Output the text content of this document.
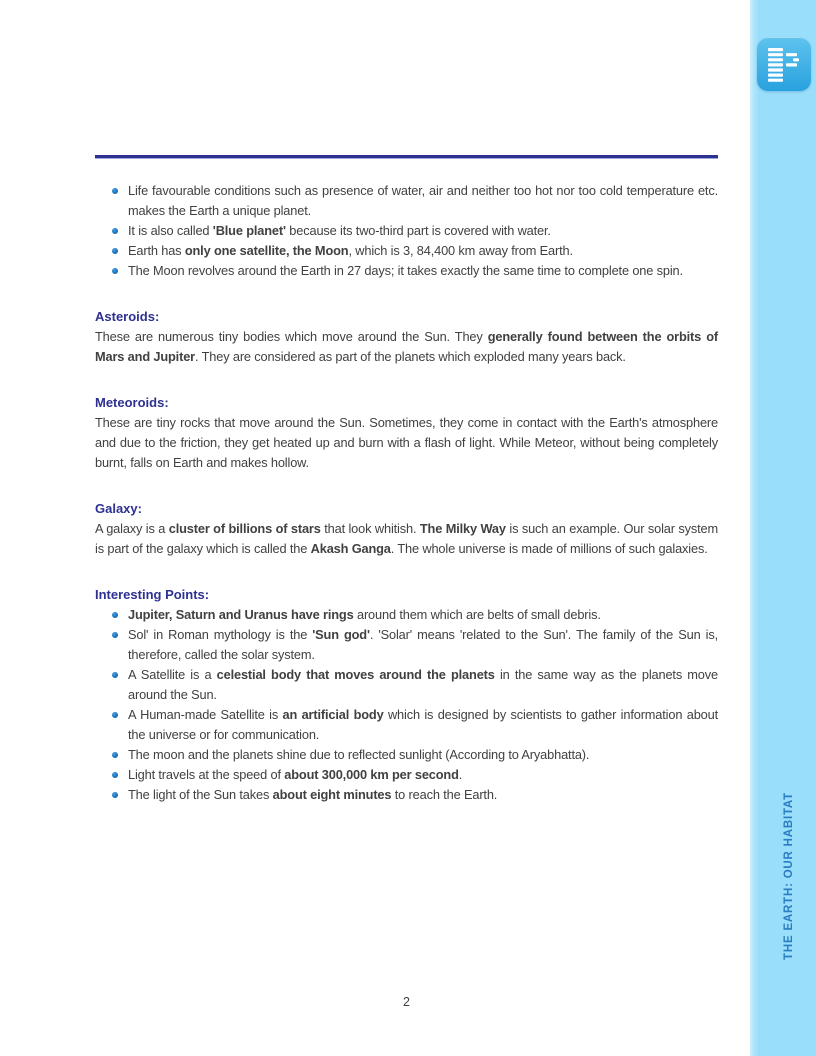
Life favourable conditions such as presence of water, air and neither too hot nor too cold temperature etc. makes the Earth a unique planet.
It is also called 'Blue planet' because its two-third part is covered with water.
Earth has only one satellite, the Moon, which is 3, 84,400 km away from Earth.
The Moon revolves around the Earth in 27 days; it takes exactly the same time to complete one spin.
Asteroids:

These are numerous tiny bodies which move around the Sun. They generally found between the orbits of Mars and Jupiter. They are considered as part of the planets which exploded many years back.

Meteoroids:

These are tiny rocks that move around the Sun. Sometimes, they come in contact with the Earth's atmosphere and due to the friction, they get heated up and burn with a flash of light. While Meteor, without being completely burnt, falls on Earth and makes hollow.

Galaxy:

A galaxy is a cluster of billions of stars that look whitish. The Milky Way is such an example. Our solar system is part of the galaxy which is called the Akash Ganga. The whole universe is made of millions of such galaxies.

Interesting Points:
Jupiter, Saturn and Uranus have rings around them which are belts of small debris.
Sol' in Roman mythology is the 'Sun god'. 'Solar' means 'related to the Sun'. The family of the Sun is, therefore, called the solar system.
A Satellite is a celestial body that moves around the planets in the same way as the planets move around the Sun.
A Human-made Satellite is an artificial body which is designed by scientists to gather information about the universe or for communication.
The moon and the planets shine due to reflected sunlight (According to Aryabhatta).
Light travels at the speed of about 300,000 km per second.
The light of the Sun takes about eight minutes to reach the Earth.
2
THE EARTH: OUR HABITAT
